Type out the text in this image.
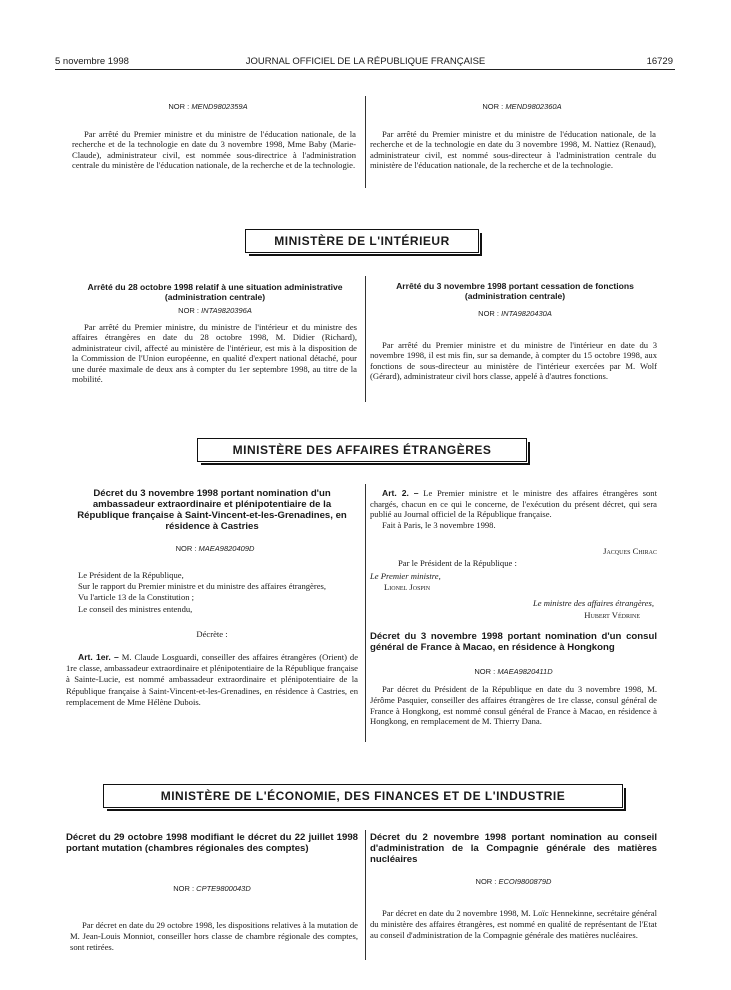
5 novembre 1998	JOURNAL OFFICIEL DE LA RÉPUBLIQUE FRANÇAISE	16729
NOR : MEND9802359A

Par arrêté du Premier ministre et du ministre de l'éducation nationale, de la recherche et de la technologie en date du 3 novembre 1998, Mme Baby (Marie-Claude), administrateur civil, est nommée sous-directrice à l'administration centrale du ministère de l'éducation nationale, de la recherche et de la technologie.

NOR : MEND9802360A

Par arrêté du Premier ministre et du ministre de l'éducation nationale, de la recherche et de la technologie en date du 3 novembre 1998, M. Nattiez (Renaud), administrateur civil, est nommé sous-directeur à l'administration centrale du ministère de l'éducation nationale, de la recherche et de la technologie.

MINISTÈRE DE L'INTÉRIEUR
Arrêté du 28 octobre 1998 relatif à une situation administrative (administration centrale)
NOR : INTA9820396A

Par arrêté du Premier ministre, du ministre de l'intérieur et du ministre des affaires étrangères en date du 28 octobre 1998, M. Didier (Richard), administrateur civil, affecté au ministère de l'intérieur, est mis à la disposition de la Commission de l'Union européenne, en qualité d'expert national détaché, pour une durée maximale de deux ans à compter du 1er septembre 1998, au titre de la mobilité.

Arrêté du 3 novembre 1998 portant cessation de fonctions (administration centrale)
NOR : INTA9820430A

Par arrêté du Premier ministre et du ministre de l'intérieur en date du 3 novembre 1998, il est mis fin, sur sa demande, à compter du 15 octobre 1998, aux fonctions de sous-directeur au ministère de l'intérieur exercées par M. Wolf (Gérard), administrateur civil hors classe, appelé à d'autres fonctions.

MINISTÈRE DES AFFAIRES ÉTRANGÈRES
Décret du 3 novembre 1998 portant nomination d'un ambassadeur extraordinaire et plénipotentiaire de la République française à Saint-Vincent-et-les-Grenadines, en résidence à Castries
NOR : MAEA9820409D

Le Président de la République,

Sur le rapport du Premier ministre et du ministre des affaires étrangères,

Vu l'article 13 de la Constitution ;

Le conseil des ministres entendu,

Décrète :

Art. 1er. – M. Claude Losguardi, conseiller des affaires étrangères (Orient) de 1re classe, ambassadeur extraordinaire et plénipotentiaire de la République française à Sainte-Lucie, est nommé ambassadeur extraordinaire et plénipotentiaire de la République française à Saint-Vincent-et-les-Grenadines, en résidence à Castries, en remplacement de Mme Hélène Dubois.

Art. 2. – Le Premier ministre et le ministre des affaires étrangères sont chargés, chacun en ce qui le concerne, de l'exécution du présent décret, qui sera publié au Journal officiel de la République française.

Fait à Paris, le 3 novembre 1998.

Jacques Chirac

Par le Président de la République :

Le Premier ministre,
Lionel Jospin
Le ministre des affaires étrangères,
Hubert Védrine
Décret du 3 novembre 1998 portant nomination d'un consul général de France à Macao, en résidence à Hongkong
NOR : MAEA9820411D

Par décret du Président de la République en date du 3 novembre 1998, M. Jérôme Pasquier, conseiller des affaires étrangères de 1re classe, consul général de France à Hongkong, est nommé consul général de France à Macao, en résidence à Hongkong, en remplacement de M. Thierry Dana.

MINISTÈRE DE L'ÉCONOMIE, DES FINANCES ET DE L'INDUSTRIE
Décret du 29 octobre 1998 modifiant le décret du 22 juillet 1998 portant mutation (chambres régionales des comptes)
NOR : CPTE9800043D

Par décret en date du 29 octobre 1998, les dispositions relatives à la mutation de M. Jean-Louis Monniot, conseiller hors classe de chambre régionale des comptes, sont retirées.

Décret du 2 novembre 1998 portant nomination au conseil d'administration de la Compagnie générale des matières nucléaires
NOR : ECOI9800879D

Par décret en date du 2 novembre 1998, M. Loïc Hennekinne, secrétaire général du ministère des affaires étrangères, est nommé en qualité de représentant de l'Etat au conseil d'administration de la Compagnie générale des matières nucléaires.
